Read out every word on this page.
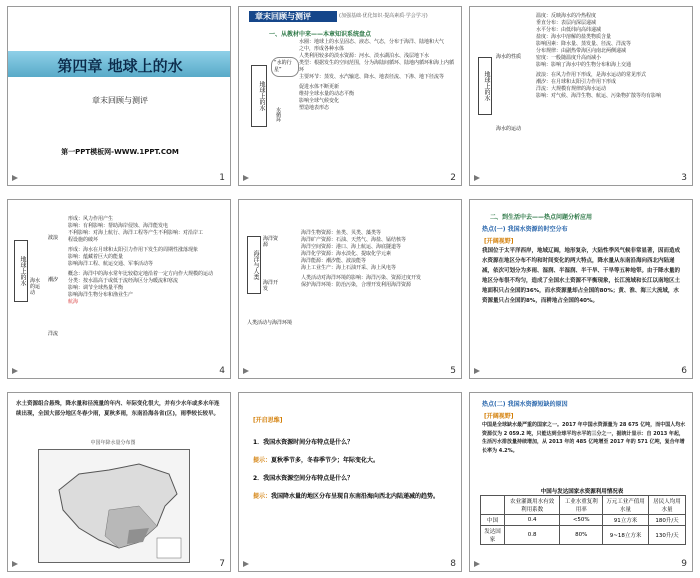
第四章 地球上的水
章末回顾与测评
第一PPT模板网-WWW.1PPT.COM
1
章末回顾与测评	(加强基础·优化知识·提高素质·学会学习)
一、从教材中来——本章知识系统盘点
地球上的水
“水的行星”
水循环
水圈：地球上的水呈固态、液态、气态，分布于海洋、陆地和大气
之中，形成各种水体
人类利用较多的淡水资源：河水、淡水湖泊水、浅层地下水
类型：根据发生的空间范围，分为海陆间循环、陆地内循环和海上内循环
主要环节：蒸发、水汽输送、降水、地表径流、下渗、地下径流等
促进水体不断更新
维持全球水量的动态平衡
影响全球气候变化
塑造地表形态
2
地球上的水
海水的性质
海水的运动
温度：反映海水的冷热程度
垂直分布：表层向深层递减
水平分布：由低纬向高纬递减
盐度：海水中溶解的盐类物质含量
影响因素：降水量、蒸发量、径流、洋流等
分布规律：由副热带海区向南北两侧递减
密度：一般随温度升高而减小
影响：影响了海水中的生物分布和海上交通
波浪：在风力作用下形成，是海水运动的常见形式
潮汐：在月球和太阳引力作用下形成
洋流：大规模有规律的海水运动
影响：对气候、海洋生物、航运、污染物扩散等均有影响
3
地球上的水 海水的运动
波浪
潮汐
洋流
形成：风力作用产生
影响：有利影响：帮助海岸侵蚀、海洋能发电
不利影响：对海上航行、海洋工程等产生不利影响：对沿岸工
程设施的破坏
形成：海水在月球和太阳引力作用下发生的周期性涨落现象
影响：蕴藏着巨大的能量
影响海洋工程、航运交通、军事活动等
概念：海洋中的海水常年比较稳定地沿着一定方向作大规模的运动
分类：按水温高于或低于流经海区分为暖流和寒流
影响：调节全球热量平衡
影响海洋生物分布和渔业生产
航海
4
海洋与人类
海洋资源
海洋开发
人类活动与海洋环境
海洋生物资源：鱼类、贝类、藻类等
海洋矿产资源：石油、天然气、海盐、锰结核等
海洋空间资源：港口、海上航运、海底隧道等
海洋化学资源：海水淡化、提取化学元素
海洋能源：潮汐能、波浪能等
海上工业生产：海上石油开采、海上风电等
人类活动对海洋环境的影响：海洋污染、资源过度开发
保护海洋环境：防治污染，合理开发利用海洋资源
5
二、到生活中去——热点问题分析应用
热点(一) 我国水资源的时空分布
[开阔视野]
我国位于太平洋西岸，地域辽阔，地形复杂，大陆性季风气候非常显著，因而造成水资源在地区分布不均和时间变化的两大特点，降水量从东南沿海向西北内陆递减，依次可划分为多雨、湿润、半湿润、半干旱、干旱等五种地带。由于降水量的地区分布很不均匀，造成了全国水土资源不平衡现象，长江流域和长江以南地区土地面积只占全国的36%，而水资源量却占全国的80%；黄、淮、海三大流域，水资源量只占全国的8%，而耕地占全国的40%。
6
水土资源组合悬殊，降水量和径流量的年内、年际变化很大，并有少水年或多水年连续出现，全国大部分地区冬春少雨，夏秋多雨，东南沿海各省(区)，雨季较长较早。
中国年降水量分布图
7
[开启思维]
1．我国水资源时间分布特点是什么？
提示：夏秋季节多，冬春季节少；年际变化大。
2．我国水资源空间分布特点是什么？
提示：我国降水量的地区分布呈现自东南沿海向西北内陆递减的趋势。
8
热点(二) 我国水资源短缺的原因
[开阔视野]
中国是全球缺水最严重的国家之一。2017 年中国水资源量为 28 675 亿吨，而中国人均水资源仅为 2 059.2 吨，只能达到全球平均水平的三分之一，据统计显示：自 2013 年起，生活污水排放量持续增加，从 2013 年的 485 亿吨增至 2017 年的 571 亿吨，复合年增长率为 4.2%。
中国与发达国家水资源利用情况表
	农业灌溉用水有效利用系数	工业水重复利用率	万元工业产值用水量	居民人均用水量
中国	0.4	<50%	91立方米	180升/天
发达国家	0.8	80%	9~18立方米	130升/天
9
